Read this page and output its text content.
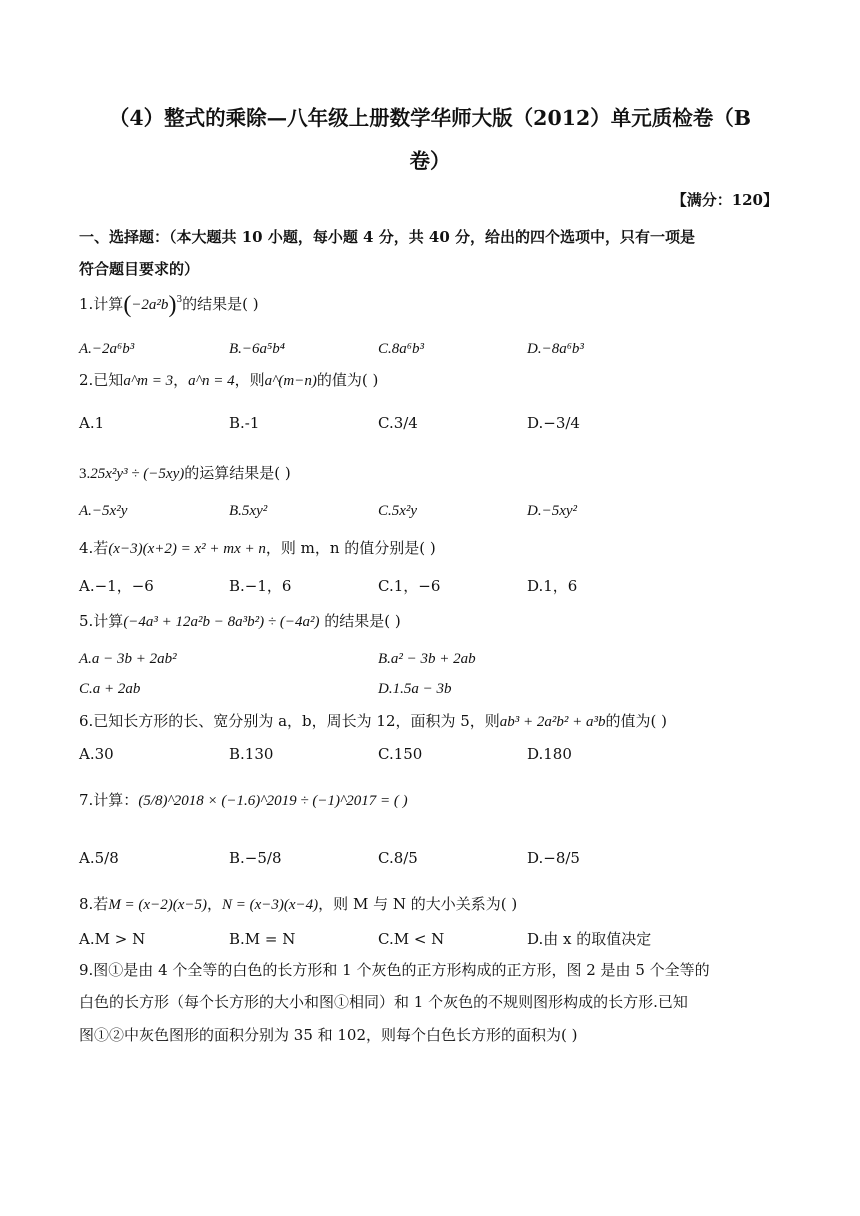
（4）整式的乘除—八年级上册数学华师大版（2012）单元质检卷（B
卷）
【满分：120】
一、选择题：（本大题共 10 小题，每小题 4 分，共 40 分，给出的四个选项中，只有一项是
符合题目要求的）
1.计算$(-2a^2b)^3$的结果是( )
A.−2a⁶b³	B.−6a⁵b⁴	C.8a⁶b³	D.−8a⁶b³
2.已知a^m = 3，a^n = 4，则a^(m−n)的值为( )
A.1	B.-1	C.3/4	D.−3/4
3.25x²y³ ÷ (−5xy)的运算结果是( )
A.−5x²y	B.5xy²	C.5x²y	D.−5xy²
4.若(x−3)(x+2) = x² + mx + n，则 m，n 的值分别是( )
A.−1，−6	B.−1，6	C.1，−6	D.1，6
5.计算(−4a³ + 12a²b − 8a³b²) ÷ (−4a²) 的结果是( )
A.a − 3b + 2ab²	B.a² − 3b + 2ab
C.a + 2ab	D.1.5a − 3b
6.已知长方形的长、宽分别为 a，b，周长为 12，面积为 5，则ab³ + 2a²b² + a³b的值为( )
A.30	B.130	C.150	D.180
7.计算：(5/8)^2018 × (−1.6)^2019 ÷ (−1)^2017 = ( )
A.5/8	B.−5/8	C.8/5	D.−8/5
8.若M = (x−2)(x−5)，N = (x−3)(x−4)，则 M 与 N 的大小关系为( )
A.M > N	B.M = N	C.M < N	D.由 x 的取值决定
9.图①是由 4 个全等的白色的长方形和 1 个灰色的正方形构成的正方形，图 2 是由 5 个全等的
白色的长方形（每个长方形的大小和图①相同）和 1 个灰色的不规则图形构成的长方形.已知
图①②中灰色图形的面积分别为 35 和 102，则每个白色长方形的面积为( )
